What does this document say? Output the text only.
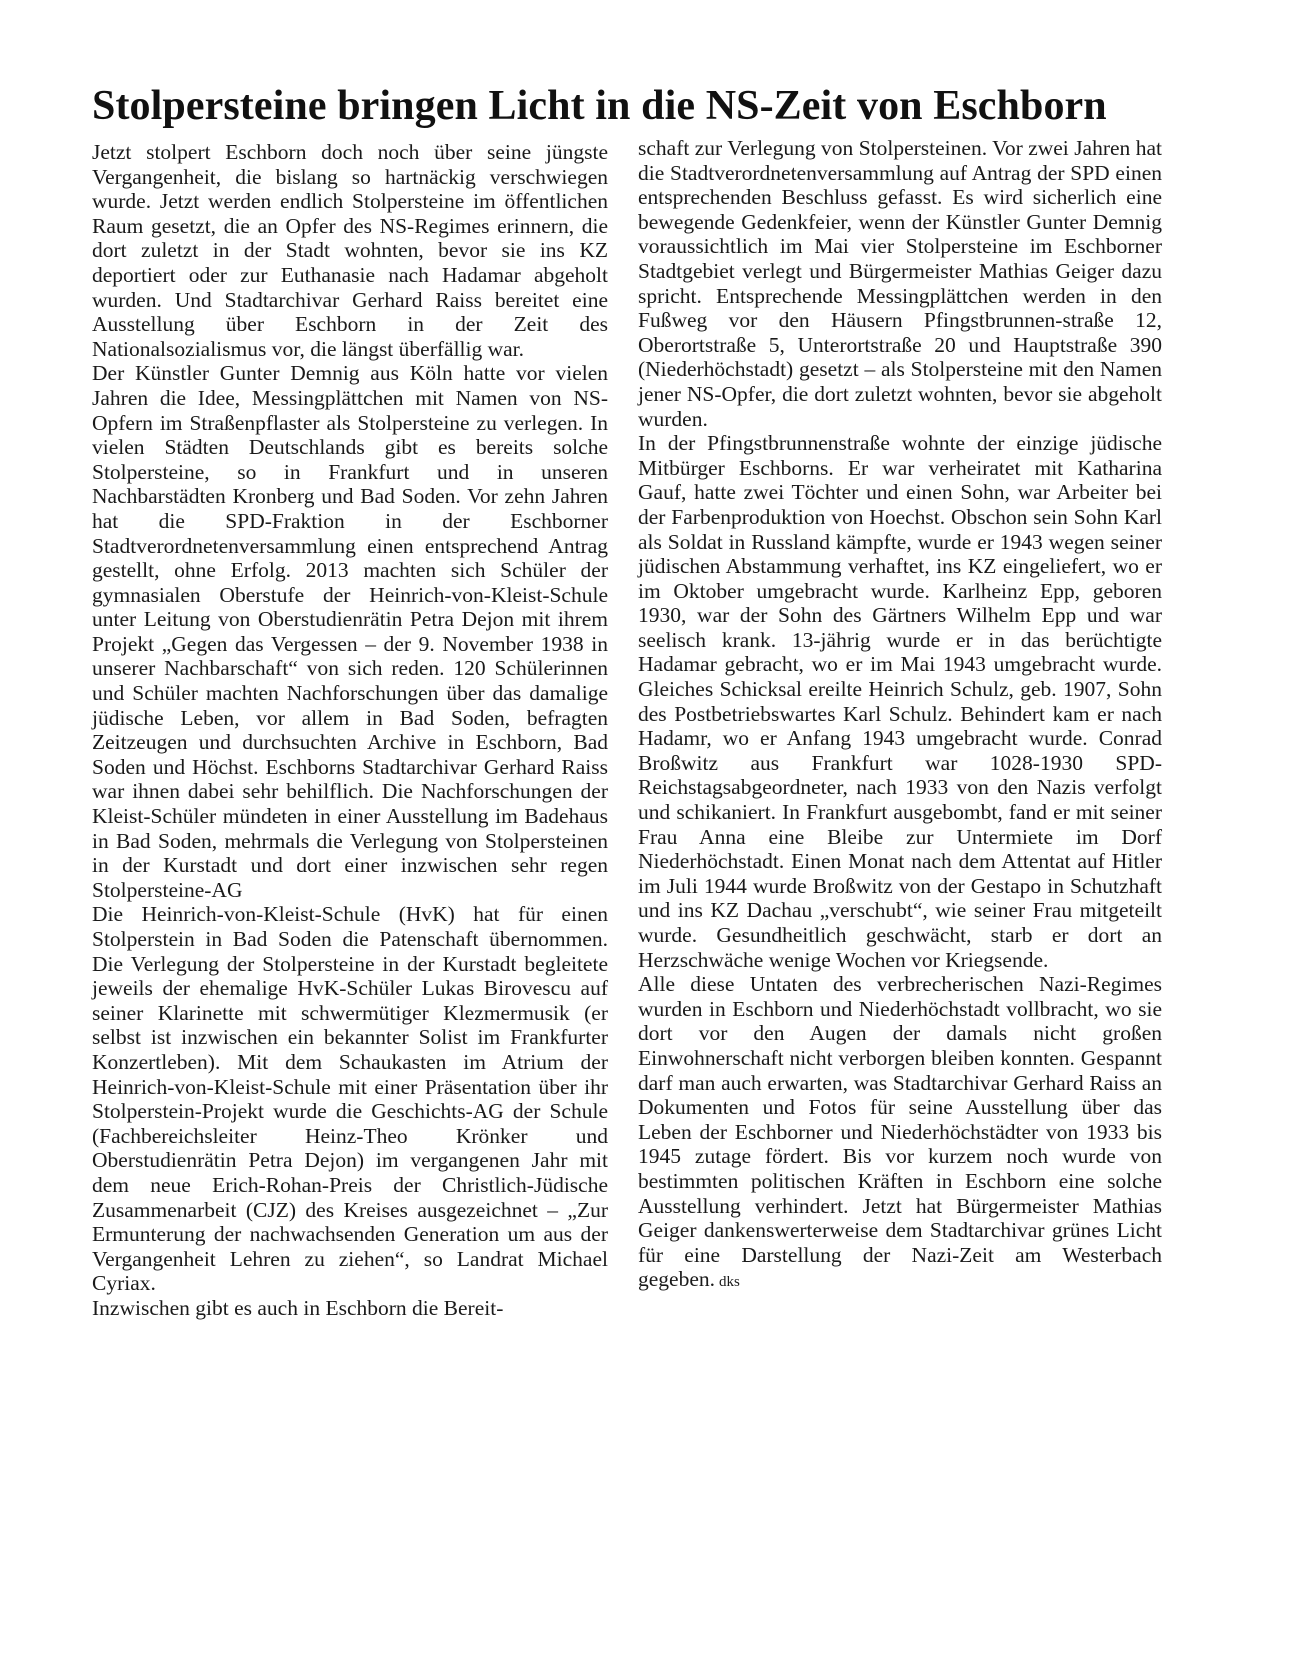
Stolpersteine bringen Licht in die NS-Zeit von Eschborn

Jetzt stolpert Eschborn doch noch über seine jüngste Vergangenheit, die bislang so hartnäckig verschwiegen wurde. Jetzt werden endlich Stolpersteine im öffentlichen Raum gesetzt, die an Opfer des NS-Regimes erinnern, die dort zuletzt in der Stadt wohnten, bevor sie ins KZ deportiert oder zur Euthanasie nach Hadamar abgeholt wurden. Und Stadtarchivar Gerhard Raiss bereitet eine Ausstellung über Eschborn in der Zeit des Nationalsozialismus vor, die längst überfällig war.

Der Künstler Gunter Demnig aus Köln hatte vor vielen Jahren die Idee, Messingplättchen mit Namen von NS-Opfern im Straßenpflaster als Stolpersteine zu verlegen. In vielen Städten Deutschlands gibt es bereits solche Stolpersteine, so in Frankfurt und in unseren Nachbarstädten Kronberg und Bad Soden. Vor zehn Jahren hat die SPD-Fraktion in der Eschborner Stadtverordnetenversammlung einen entsprechend Antrag gestellt, ohne Erfolg. 2013 machten sich Schüler der gymnasialen Oberstufe der Heinrich-von-Kleist-Schule unter Leitung von Oberstudienrätin Petra Dejon mit ihrem Projekt „Gegen das Vergessen – der 9. November 1938 in unserer Nachbarschaft“ von sich reden. 120 Schülerinnen und Schüler machten Nachforschungen über das damalige jüdische Leben, vor allem in Bad Soden, befragten Zeitzeugen und durchsuchten Archive in Eschborn, Bad Soden und Höchst. Eschborns Stadtarchivar Gerhard Raiss war ihnen dabei sehr behilflich. Die Nachforschungen der Kleist-Schüler mündeten in einer Ausstellung im Badehaus in Bad Soden, mehrmals die Verlegung von Stolpersteinen in der Kurstadt und dort einer inzwischen sehr regen Stolpersteine-AG

Die Heinrich-von-Kleist-Schule (HvK) hat für einen Stolperstein in Bad Soden die Patenschaft übernommen. Die Verlegung der Stolpersteine in der Kurstadt begleitete jeweils der ehemalige HvK-Schüler Lukas Birovescu auf seiner Klarinette mit schwermütiger Klezmermusik (er selbst ist inzwischen ein bekannter Solist im Frankfurter Konzertleben). Mit dem Schaukasten im Atrium der Heinrich-von-Kleist-Schule mit einer Präsentation über ihr Stolperstein-Projekt wurde die Geschichts-AG der Schule (Fachbereichsleiter Heinz-Theo Krönker und Oberstudienrätin Petra Dejon) im vergangenen Jahr mit dem neue Erich-Rohan-Preis der Christlich-Jüdische Zusammenarbeit (CJZ) des Kreises ausgezeichnet – „Zur Ermunterung der nachwachsenden Generation um aus der Vergangenheit Lehren zu ziehen“, so Landrat Michael Cyriax.

Inzwischen gibt es auch in Eschborn die Bereit-

schaft zur Verlegung von Stolpersteinen. Vor zwei Jahren hat die Stadtverordnetenversammlung auf Antrag der SPD einen entsprechenden Beschluss gefasst. Es wird sicherlich eine bewegende Gedenkfeier, wenn der Künstler Gunter Demnig voraussichtlich im Mai vier Stolpersteine im Eschborner Stadtgebiet verlegt und Bürgermeister Mathias Geiger dazu spricht. Entsprechende Messingplättchen werden in den Fußweg vor den Häusern Pfingstbrunnen-straße 12, Oberortstraße 5, Unterortstraße 20 und Hauptstraße 390 (Niederhöchstadt) gesetzt – als Stolpersteine mit den Namen jener NS-Opfer, die dort zuletzt wohnten, bevor sie abgeholt wurden.

In der Pfingstbrunnenstraße wohnte der einzige jüdische Mitbürger Eschborns. Er war verheiratet mit Katharina Gauf, hatte zwei Töchter und einen Sohn, war Arbeiter bei der Farbenproduktion von Hoechst. Obschon sein Sohn Karl als Soldat in Russland kämpfte, wurde er 1943 wegen seiner jüdischen Abstammung verhaftet, ins KZ eingeliefert, wo er im Oktober umgebracht wurde. Karlheinz Epp, geboren 1930, war der Sohn des Gärtners Wilhelm Epp und war seelisch krank. 13-jährig wurde er in das berüchtigte Hadamar gebracht, wo er im Mai 1943 umgebracht wurde. Gleiches Schicksal ereilte Heinrich Schulz, geb. 1907, Sohn des Postbetriebswartes Karl Schulz. Behindert kam er nach Hadamr, wo er Anfang 1943 umgebracht wurde. Conrad Broßwitz aus Frankfurt war 1028-1930 SPD-Reichstagsabgeordneter, nach 1933 von den Nazis verfolgt und schikaniert. In Frankfurt ausgebombt, fand er mit seiner Frau Anna eine Bleibe zur Untermiete im Dorf Niederhöchstadt. Einen Monat nach dem Attentat auf Hitler im Juli 1944 wurde Broßwitz von der Gestapo in Schutzhaft und ins KZ Dachau „verschubt“, wie seiner Frau mitgeteilt wurde. Gesundheitlich geschwächt, starb er dort an Herzschwäche wenige Wochen vor Kriegsende.

Alle diese Untaten des verbrecherischen Nazi-Regimes wurden in Eschborn und Niederhöchstadt vollbracht, wo sie dort vor den Augen der damals nicht großen Einwohnerschaft nicht verborgen bleiben konnten. Gespannt darf man auch erwarten, was Stadtarchivar Gerhard Raiss an Dokumenten und Fotos für seine Ausstellung über das Leben der Eschborner und Niederhöchstädter von 1933 bis 1945 zutage fördert. Bis vor kurzem noch wurde von bestimmten politischen Kräften in Eschborn eine solche Ausstellung verhindert. Jetzt hat Bürgermeister Mathias Geiger dankenswerterweise dem Stadtarchivar grünes Licht für eine Darstellung der Nazi-Zeit am Westerbach gegeben. dks
